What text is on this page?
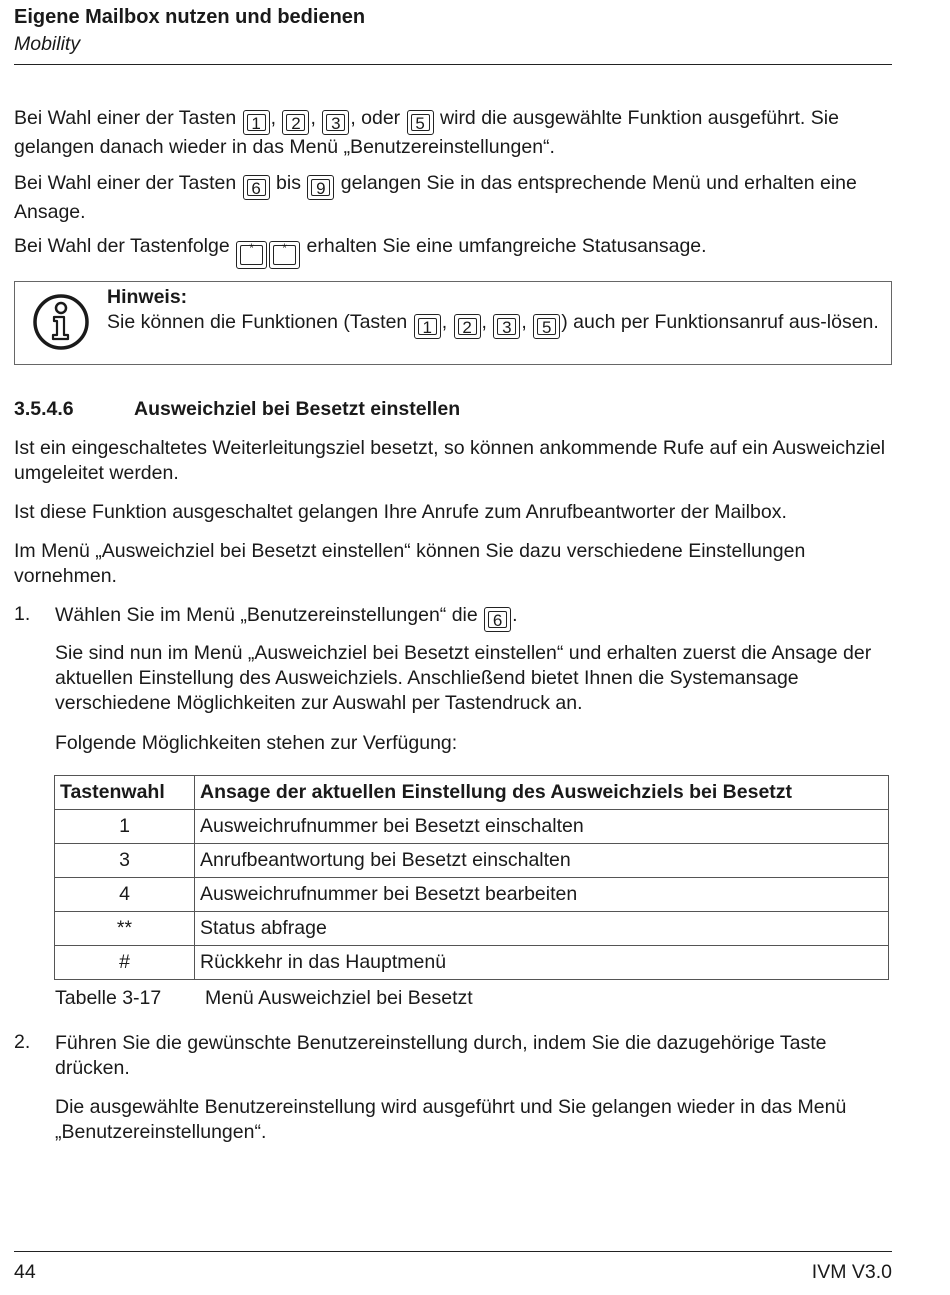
Eigene Mailbox nutzen und bedienen
Mobility

Bei Wahl einer der Tasten 1 , 2 , 3 , oder 5 wird die ausgewählte Funktion ausgeführt. Sie gelangen danach wieder in das Menü „Benutzereinstellungen“.

Bei Wahl einer der Tasten 6 bis 9 gelangen Sie in das entsprechende Menü und erhalten eine Ansage.

Bei Wahl der Tastenfolge * * erhalten Sie eine umfangreiche Statusansage.

Hinweis:

Sie können die Funktionen (Tasten 1 , 2 , 3 , 5 ) auch per Funktionsanruf aus-lösen.

3.5.4.6	Ausweichziel bei Besetzt einstellen

Ist ein eingeschaltetes Weiterleitungsziel besetzt, so können ankommende Rufe auf ein Ausweichziel umgeleitet werden.

Ist diese Funktion ausgeschaltet gelangen Ihre Anrufe zum Anrufbeantworter der Mailbox.

Im Menü „Ausweichziel bei Besetzt einstellen“ können Sie dazu verschiedene Einstellungen vornehmen.

1. Wählen Sie im Menü „Benutzereinstellungen“ die 6 .

Sie sind nun im Menü „Ausweichziel bei Besetzt einstellen“ und erhalten zuerst die Ansage der aktuellen Einstellung des Ausweichziels. Anschließend bietet Ihnen die Systemansage verschiedene Möglichkeiten zur Auswahl per Tastendruck an.

Folgende Möglichkeiten stehen zur Verfügung:

Tastenwahl	Ansage der aktuellen Einstellung des Ausweichziels bei Besetzt
1	Ausweichrufnummer bei Besetzt einschalten
3	Anrufbeantwortung bei Besetzt einschalten
4	Ausweichrufnummer bei Besetzt bearbeiten
**	Status abfrage
#	Rückkehr in das Hauptmenü
Tabelle 3-17 Menü Ausweichziel bei Besetzt
2. Führen Sie die gewünschte Benutzereinstellung durch, indem Sie die dazugehörige Taste drücken.

Die ausgewählte Benutzereinstellung wird ausgeführt und Sie gelangen wieder in das Menü „Benutzereinstellungen“.

44	IVM V3.0
